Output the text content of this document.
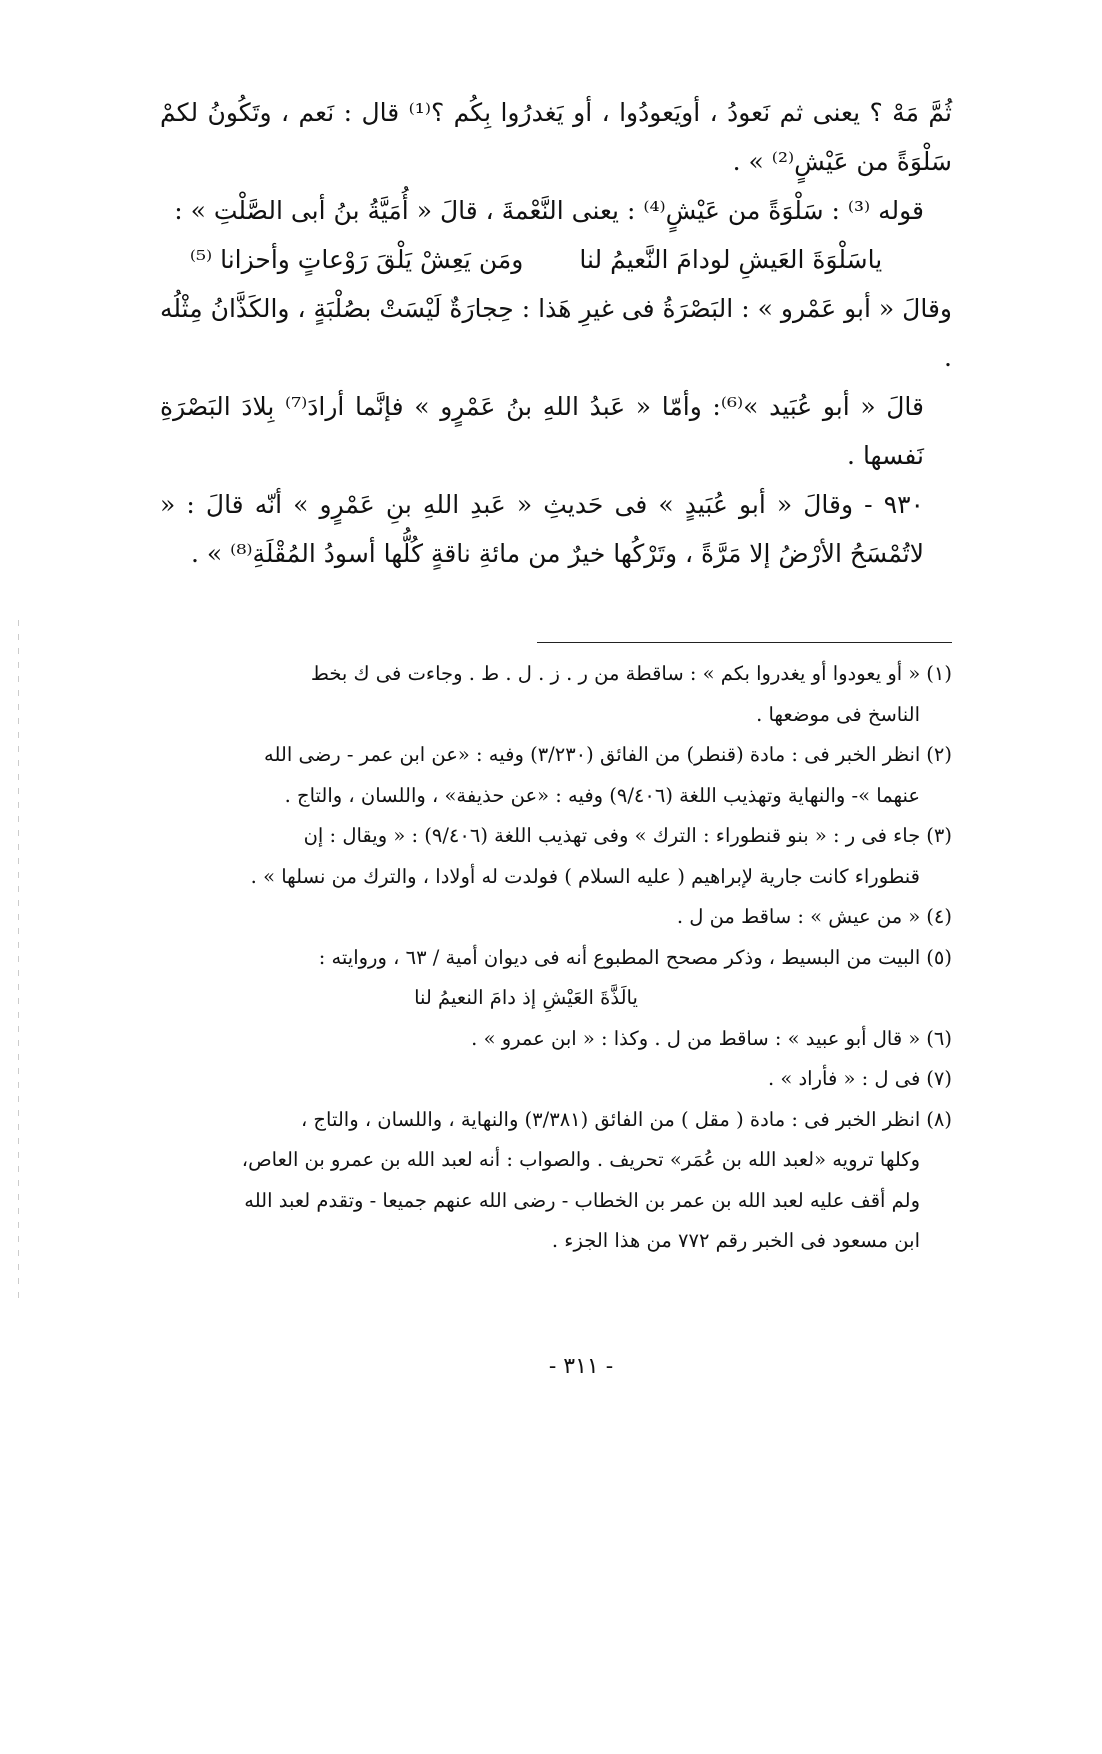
ثُمَّ مَهْ ؟ يعنى ثم نَعودُ ، أويَعودُوا ، أو يَغدرُوا بِكُم ؟⁽¹⁾ قال : نَعم ، وتَكُونُ لكمْ سَلْوَةً من عَيْشٍ⁽²⁾ » .

قوله ⁽³⁾ : سَلْوَةً من عَيْشٍ⁽⁴⁾ : يعنى النَّعْمةَ ، قالَ « أُمَيَّةُ بنُ أبى الصَّلْتِ » :

ياسَلْوَةَ العَيشِ لودامَ النَّعيمُ لنا
ومَن يَعِشْ يَلْقَ رَوْعاتٍ وأحزانا ⁽⁵⁾

وقالَ « أبو عَمْرو » : البَصْرَةُ فى غيرِ هَذا : حِجارَةٌ لَيْسَتْ بصُلْبَةٍ ، والكَذَّانُ مِثْلُه .

قالَ « أبو عُبَيد »⁽⁶⁾: وأمّا « عَبدُ اللهِ بنُ عَمْرٍو » فإنَّما أرادَ⁽⁷⁾ بِلادَ البَصْرَةِ نَفسها .

٩٣٠ - وقالَ « أبو عُبَيدٍ » فى حَديثِ « عَبدِ اللهِ بنِ عَمْرٍو » أنّه قالَ : « لاتُمْسَحُ الأرْضُ إلا مَرَّةً ، وتَرْكُها خيرٌ من مائةِ ناقةٍ كُلُّها أسودُ المُقْلَةِ⁽⁸⁾ » .

(١)« أو يعودوا أو يغدروا بكم » : ساقطة من ر . ز . ل . ط . وجاءت فى ك بخط
الناسخ فى موضعها .

(٢)انظر الخبر فى : مادة (قنطر) من الفائق (٣/٢٣٠) وفيه : «عن ابن عمر - رضى الله
عنهما »- والنهاية وتهذيب اللغة (٩/٤٠٦) وفيه : «عن حذيفة» ، واللسان ، والتاج .

(٣)جاء فى ر : « بنو قنطوراء : الترك » وفى تهذيب اللغة (٩/٤٠٦) : « ويقال : إن
قنطوراء كانت جارية لإبراهيم ( عليه السلام ) فولدت له أولادا ، والترك من نسلها » .

(٤)« من عيش » : ساقط من ل .

(٥)البيت من البسيط ، وذكر مصحح المطبوع أنه فى ديوان أمية / ٦٣ ، وروايته :
يالَذَّةَ العَيْشِ إذ دامَ النعيمُ لنا

(٦)« قال أبو عبيد » : ساقط من ل . وكذا : « ابن عمرو » .

(٧)فى ل : « فأراد » .

(٨)انظر الخبر فى : مادة ( مقل ) من الفائق (٣/٣٨١) والنهاية ، واللسان ، والتاج ،
وكلها ترويه «لعبد الله بن عُمَر» تحريف . والصواب : أنه لعبد الله بن عمرو بن العاص،
ولم أقف عليه لعبد الله بن عمر بن الخطاب - رضى الله عنهم جميعا - وتقدم لعبد الله
ابن مسعود فى الخبر رقم ٧٧٢ من هذا الجزء .

- ٣١١ -
